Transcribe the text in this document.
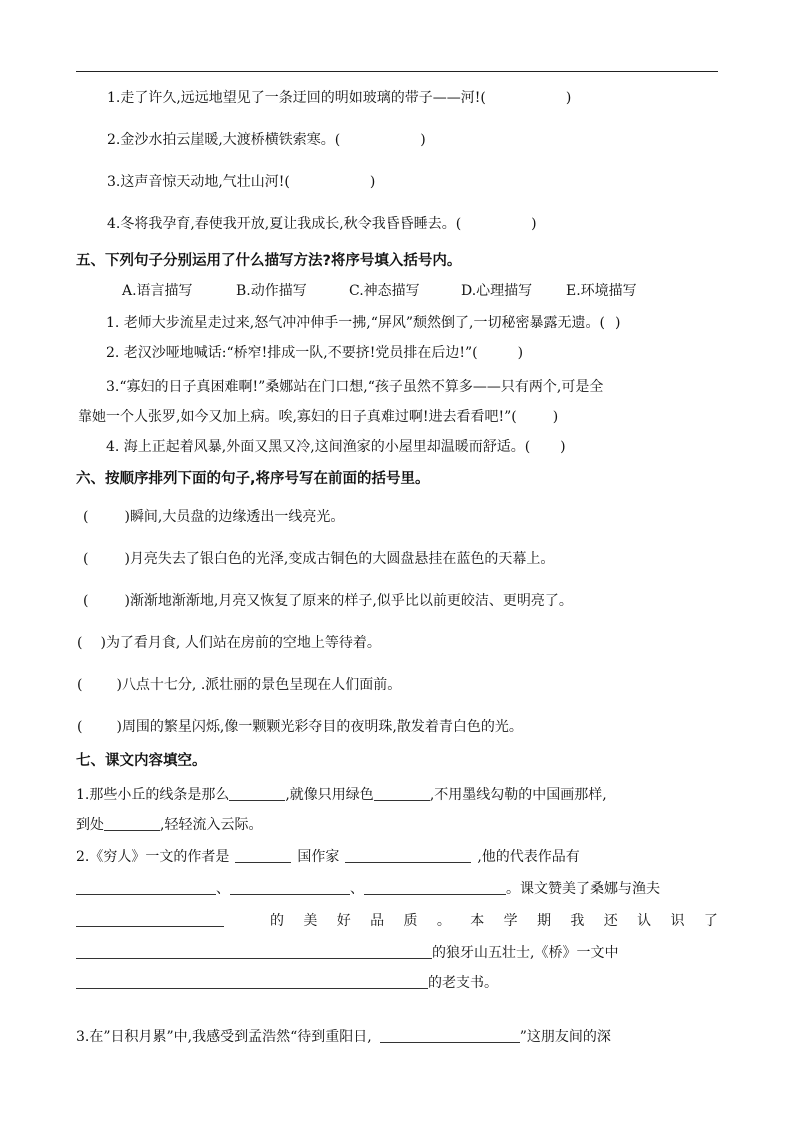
1.走了许久,远远地望见了一条迂回的明如玻璃的带子——河!(	)
2.金沙水拍云崖暖,大渡桥横铁索寒。(	)
3.这声音惊天动地,气壮山河!(	)
4.冬将我孕育,春使我开放,夏让我成长,秋令我昏昏睡去。(	)
五、下列句子分别运用了什么描写方法?将序号填入括号内。
A.语言描写	B.动作描写	C.神态描写	D.心理描写 E.环境描写
1. 老师大步流星走过来,怒气冲冲伸手一拂,“屏风”颓然倒了,一切秘密暴露无遗。( )
2. 老汉沙哑地喊话:“桥窄!排成一队,不要挤!党员排在后边!”(	)
3.“寡妇的日子真困难啊!”桑娜站在门口想,“孩子虽然不算多——只有两个,可是全
靠她一个人张罗,如今又加上病。唉,寡妇的日子真难过啊!进去看看吧!”(	)
4. 海上正起着风暴,外面又黑又冷,这间渔家的小屋里却温暖而舒适。( )
六、按顺序排列下面的句子,将序号写在前面的括号里。
(	)瞬间,大员盘的边缘透出一线亮光。
(	)月亮失去了银白色的光泽,变成古铜色的大圆盘悬挂在蓝色的天幕上。
(	)渐渐地渐渐地,月亮又恢复了原来的样子,似乎比以前更皎洁、更明亮了。
( )为了看月食, 人们站在房前的空地上等待着。
( )八点十七分, .派壮丽的景色呈现在人们面前。
( )周围的繁星闪烁,像一颗颗光彩夺目的夜明珠,散发着青白色的光。
七、课文内容填空。
1.那些小丘的线条是那么	,就像只用绿色	,不用墨线勾勒的中国画那样,
到处	,轻轻流入云际。
2.《穷人》一文的作者是	国作家	,他的代表作品有
、	、	。课文赞美了桑娜与渔夫
的 美 好 品 质 。 本 学 期 我 还 认 识 了
的狼牙山五壮士,《桥》一文中
的老支书。
3.在”日积月累”中,我感受到孟浩然“待到重阳日,	”这朋友间的深
